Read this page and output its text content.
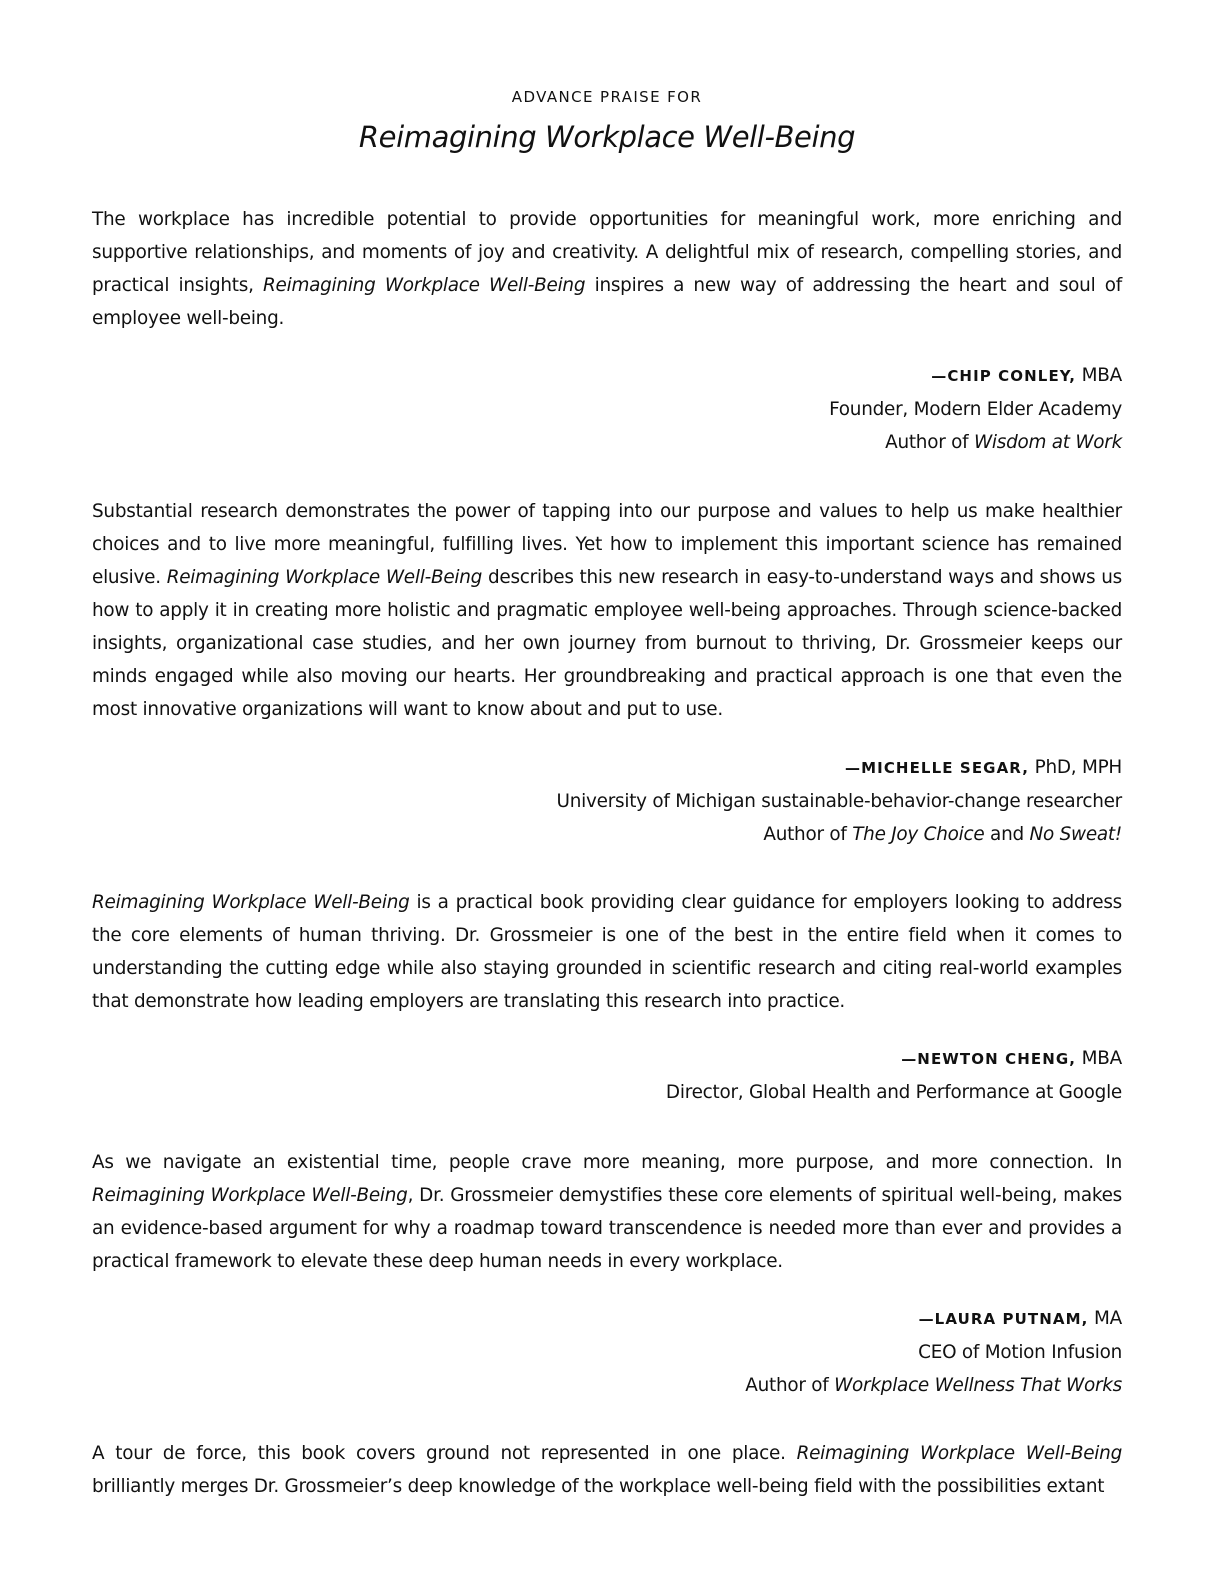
ADVANCE PRAISE FOR
Reimagining Workplace Well-Being

The workplace has incredible potential to provide opportunities for meaningful work, more enriching and supportive relationships, and moments of joy and creativity. A delightful mix of research, compelling stories, and practical insights, Reimagining Workplace Well-Being inspires a new way of addressing the heart and soul of employee well-being.

—CHIP CONLEY, MBA
Founder, Modern Elder Academy
Author of Wisdom at Work

Substantial research demonstrates the power of tapping into our purpose and values to help us make healthier choices and to live more meaningful, fulfilling lives. Yet how to implement this important science has remained elusive. Reimagining Workplace Well-Being describes this new research in easy-to-understand ways and shows us how to apply it in creating more holistic and pragmatic employee well-being approaches. Through science-backed insights, organizational case studies, and her own journey from burnout to thriving, Dr. Grossmeier keeps our minds engaged while also moving our hearts. Her groundbreaking and practical approach is one that even the most innovative organizations will want to know about and put to use.

—MICHELLE SEGAR, PhD, MPH
University of Michigan sustainable-behavior-change researcher
Author of The Joy Choice and No Sweat!

Reimagining Workplace Well-Being is a practical book providing clear guidance for employers looking to address the core elements of human thriving. Dr. Grossmeier is one of the best in the entire field when it comes to understanding the cutting edge while also staying grounded in scientific research and citing real-world examples that demonstrate how leading employers are translating this research into practice.

—NEWTON CHENG, MBA
Director, Global Health and Performance at Google

As we navigate an existential time, people crave more meaning, more purpose, and more connection. In Reimagining Workplace Well-Being, Dr. Grossmeier demystifies these core elements of spiritual well-being, makes an evidence-based argument for why a roadmap toward transcendence is needed more than ever and provides a practical framework to elevate these deep human needs in every workplace.

—LAURA PUTNAM, MA
CEO of Motion Infusion
Author of Workplace Wellness That Works

A tour de force, this book covers ground not represented in one place. Reimagining Workplace Well-Being brilliantly merges Dr. Grossmeier’s deep knowledge of the workplace well-being field with the possibilities extant
